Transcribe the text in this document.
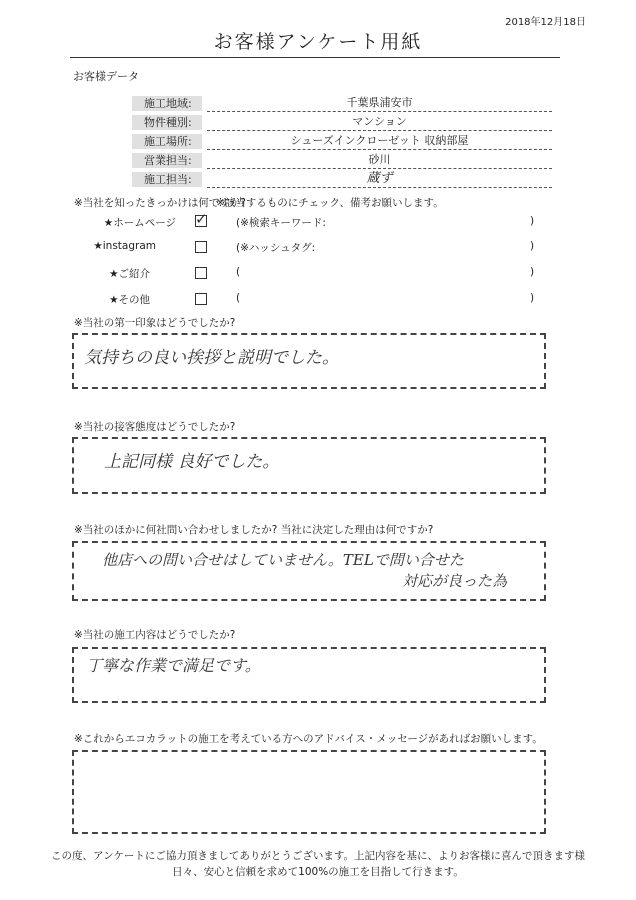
2018年12月18日
お客様アンケート用紙
お客様データ
施工地域:	千葉県浦安市
物件種別:	マンション
施工場所:	シューズインクローゼット 収納部屋
営業担当:	砂川
施工担当:	蔵ず
※当社を知ったきっかけは何ですか?
※該当するものにチェック、備考お願いします。
★ホームページ ✓	(※検索キーワード:	)
★instagram	(※ハッシュタグ:	)
★ご紹介	(	)
★その他	(	)
※当社の第一印象はどうでしたか?
気持ちの良い挨拶と説明でした。
※当社の接客態度はどうでしたか?
上記同様 良好でした。
※当社のほかに何社問い合わせしましたか? 当社に決定した理由は何ですか?
他店への問い合せはしていません。TELで問い合せた
対応が良った為
※当社の施工内容はどうでしたか?
丁寧な作業で満足です。
※これからエコカラットの施工を考えている方へのアドバイス・メッセージがあればお願いします。
この度、アンケートにご協力頂きましてありがとうございます。上記内容を基に、よりお客様に喜んで頂きます様
日々、安心と信頼を求めて100%の施工を目指して行きます。
